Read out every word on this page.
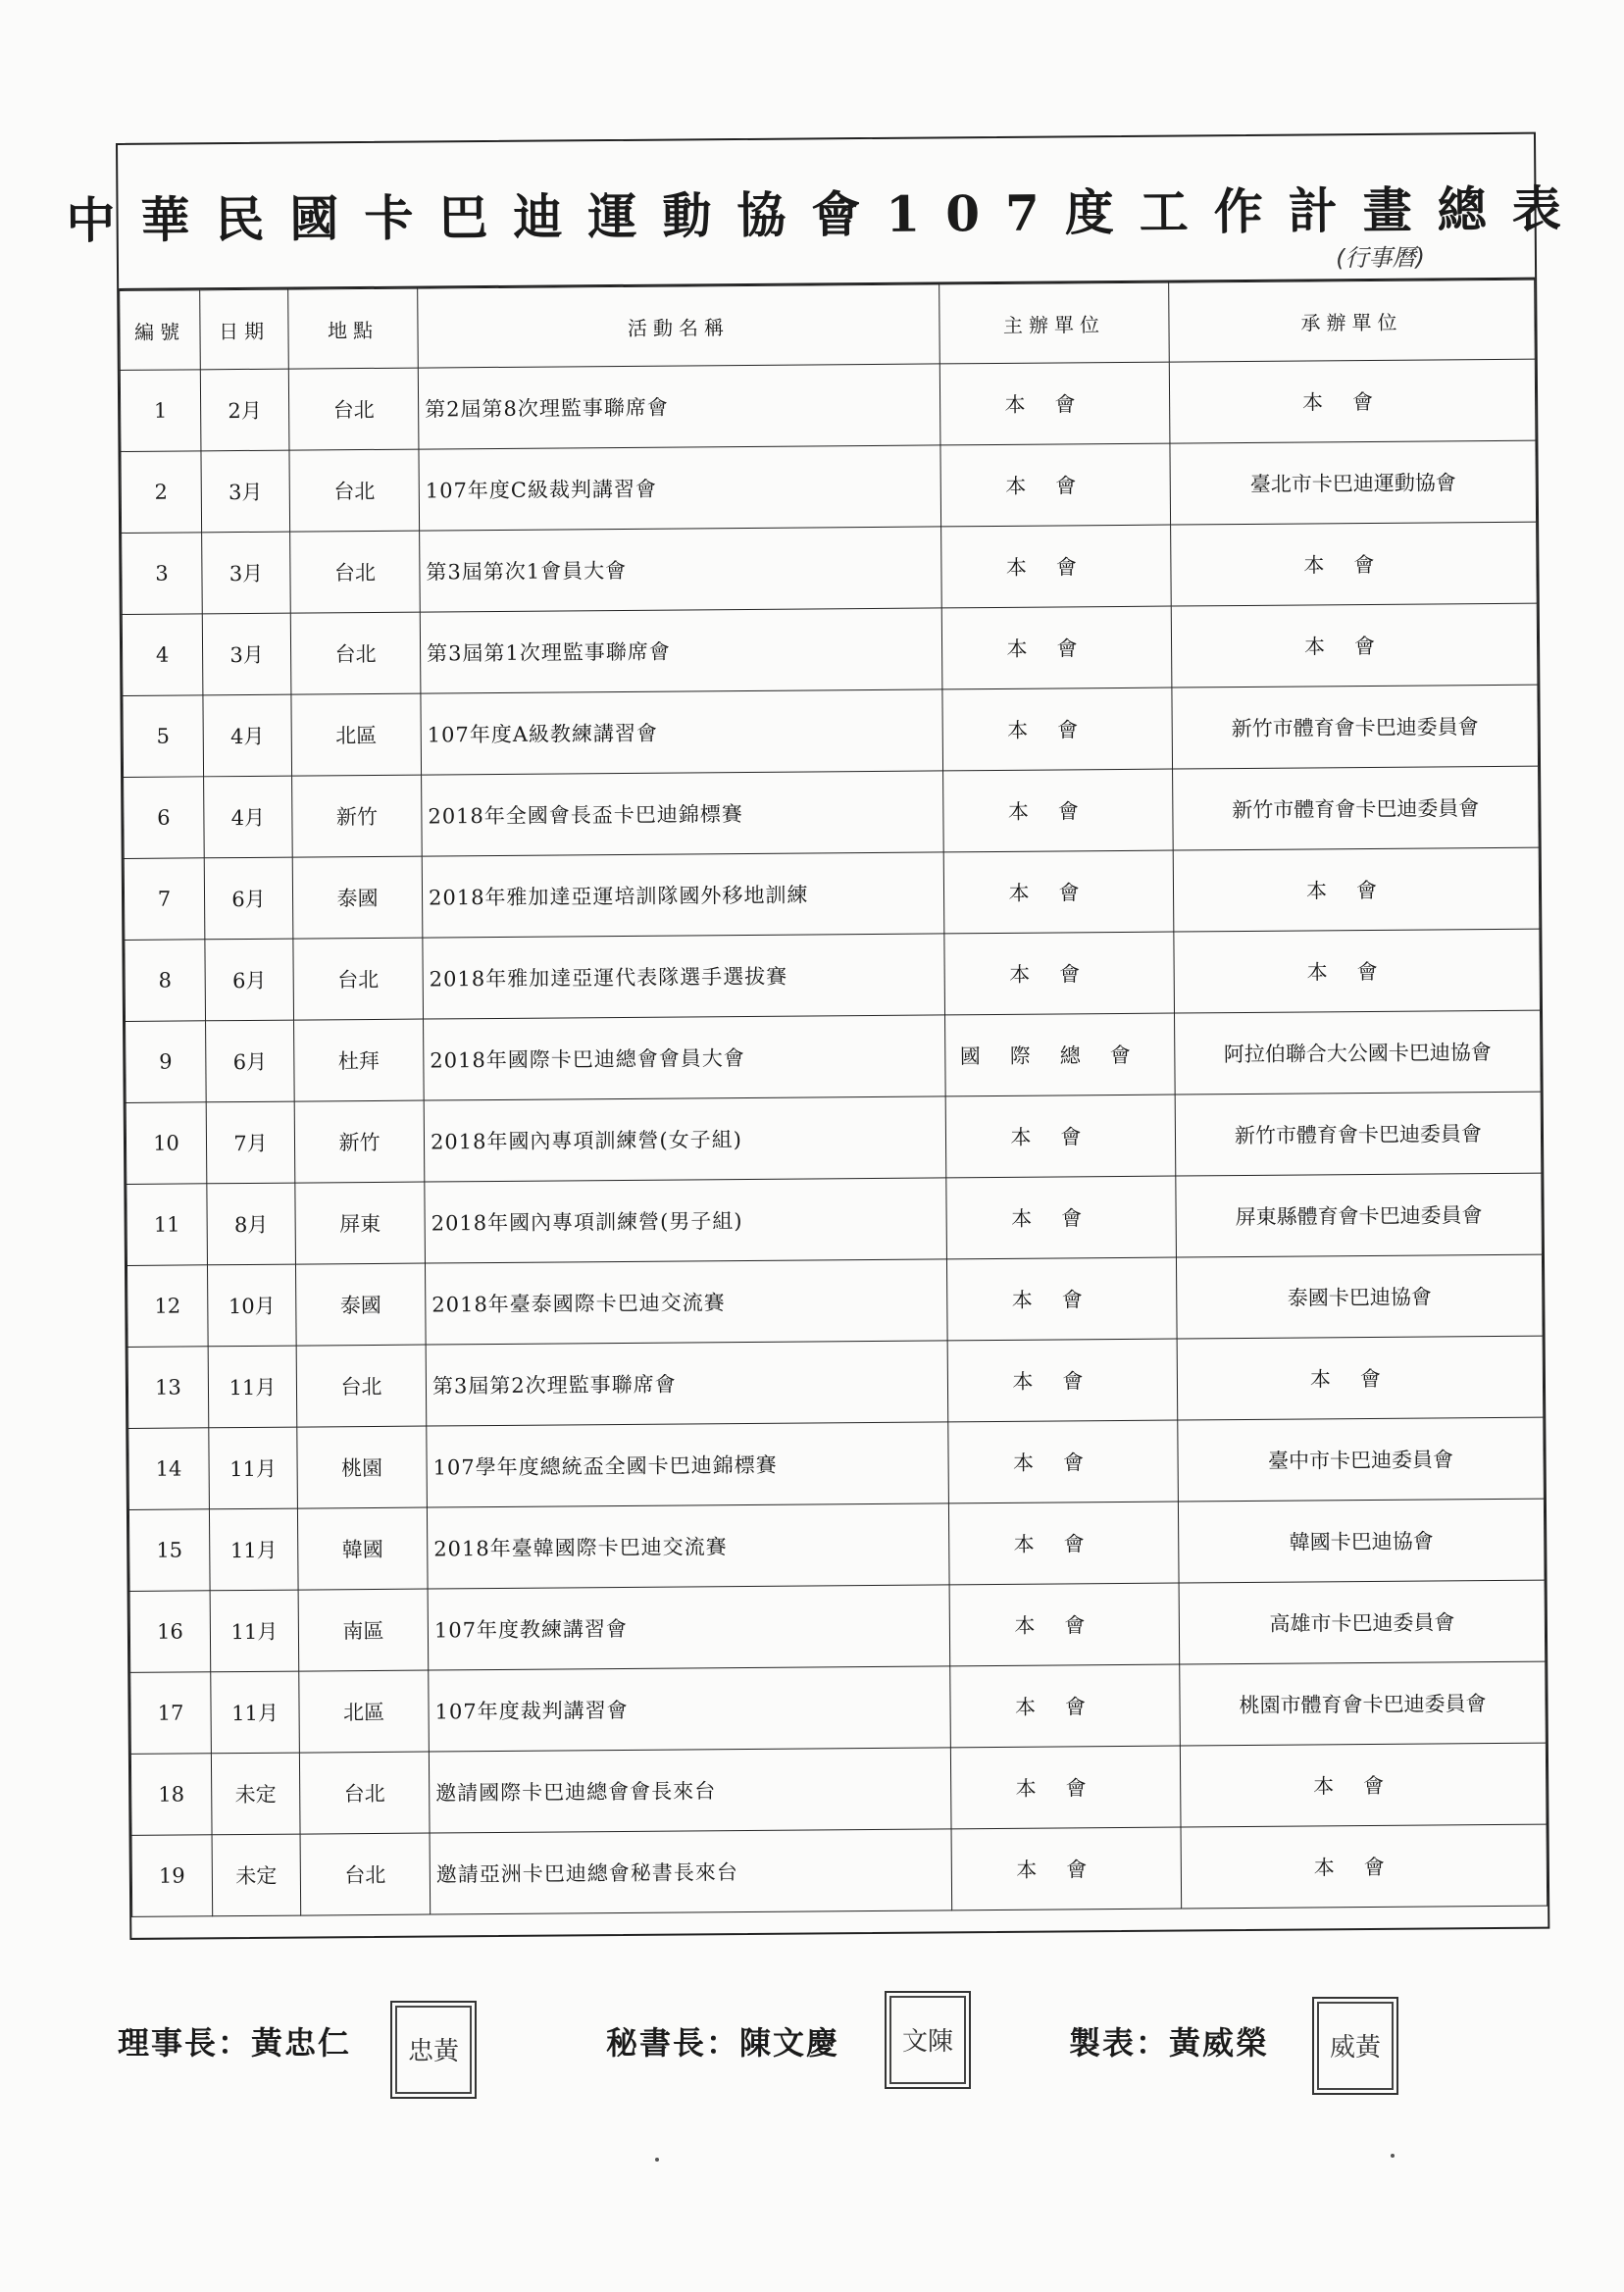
中華民國卡巴迪運動協會107度工作計畫總表
(行事曆)
編號	日期	地點	活動名稱	主辦單位	承辦單位
1	2月	台北	第2屆第8次理監事聯席會	本會	本會
2	3月	台北	107年度C級裁判講習會	本會	臺北市卡巴迪運動協會
3	3月	台北	第3屆第次1會員大會	本會	本會
4	3月	台北	第3屆第1次理監事聯席會	本會	本會
5	4月	北區	107年度A級教練講習會	本會	新竹市體育會卡巴迪委員會
6	4月	新竹	2018年全國會長盃卡巴迪錦標賽	本會	新竹市體育會卡巴迪委員會
7	6月	泰國	2018年雅加達亞運培訓隊國外移地訓練	本會	本會
8	6月	台北	2018年雅加達亞運代表隊選手選拔賽	本會	本會
9	6月	杜拜	2018年國際卡巴迪總會會員大會	國際總會	阿拉伯聯合大公國卡巴迪協會
10	7月	新竹	2018年國內專項訓練營(女子組)	本會	新竹市體育會卡巴迪委員會
11	8月	屏東	2018年國內專項訓練營(男子組)	本會	屏東縣體育會卡巴迪委員會
12	10月	泰國	2018年臺泰國際卡巴迪交流賽	本會	泰國卡巴迪協會
13	11月	台北	第3屆第2次理監事聯席會	本會	本會
14	11月	桃園	107學年度總統盃全國卡巴迪錦標賽	本會	臺中市卡巴迪委員會
15	11月	韓國	2018年臺韓國際卡巴迪交流賽	本會	韓國卡巴迪協會
16	11月	南區	107年度教練講習會	本會	高雄市卡巴迪委員會
17	11月	北區	107年度裁判講習會	本會	桃園市體育會卡巴迪委員會
18	未定	台北	邀請國際卡巴迪總會會長來台	本會	本會
19	未定	台北	邀請亞洲卡巴迪總會秘書長來台	本會	本會
理事長：黃忠仁 忠黃	秘書長：陳文慶 文陳	製表：黃威榮 威黃
